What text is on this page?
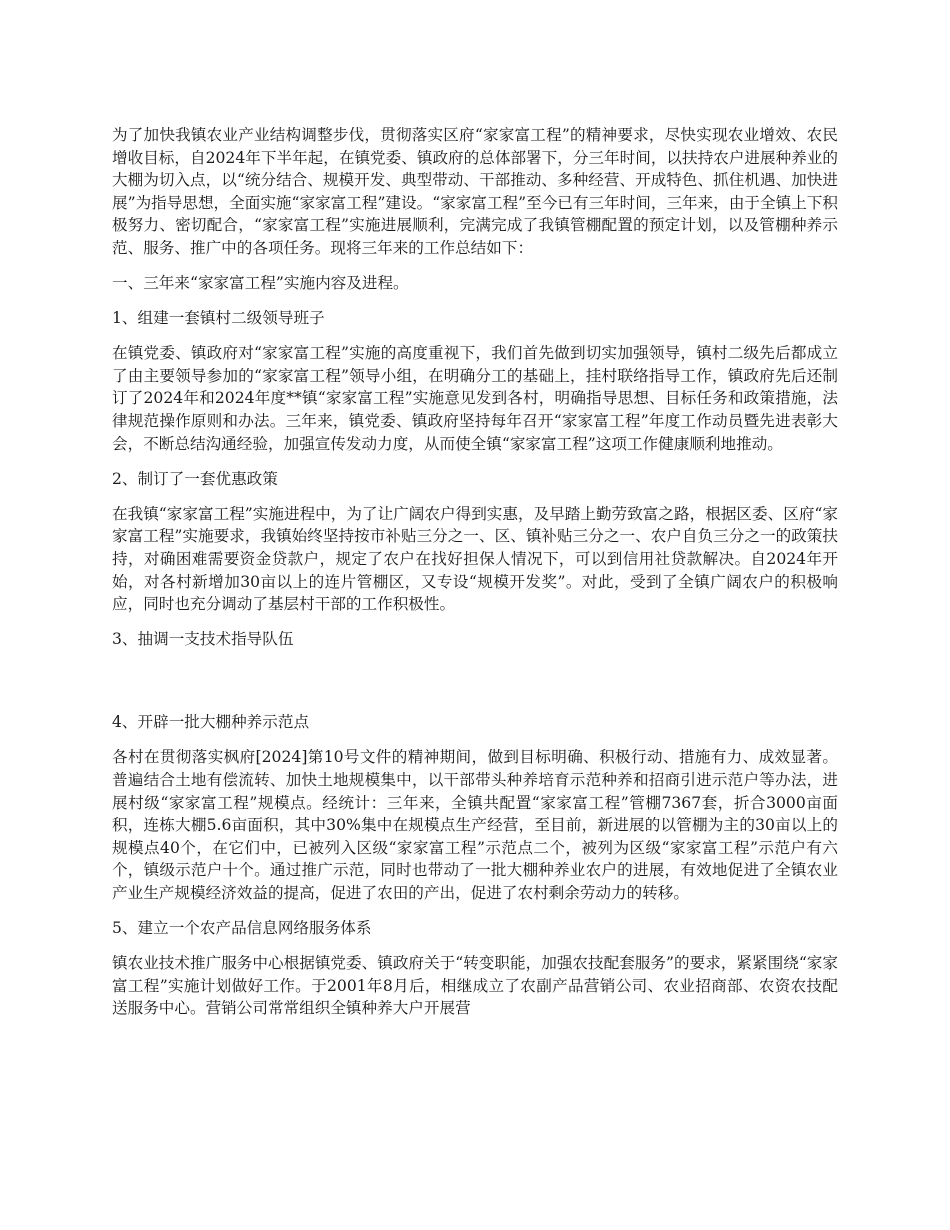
为了加快我镇农业产业结构调整步伐，贯彻落实区府“家家富工程”的精神要求，尽快实现农业增效、农民增收目标，自2024年下半年起，在镇党委、镇政府的总体部署下，分三年时间，以扶持农户进展种养业的大棚为切入点，以“统分结合、规模开发、典型带动、干部推动、多种经营、开成特色、抓住机遇、加快进展”为指导思想，全面实施“家家富工程”建设。“家家富工程”至今已有三年时间，三年来，由于全镇上下积极努力、密切配合，“家家富工程”实施进展顺利，完满完成了我镇管棚配置的预定计划，以及管棚种养示范、服务、推广中的各项任务。现将三年来的工作总结如下：

一、三年来“家家富工程”实施内容及进程。

1、组建一套镇村二级领导班子

在镇党委、镇政府对“家家富工程”实施的高度重视下，我们首先做到切实加强领导，镇村二级先后都成立了由主要领导参加的“家家富工程”领导小组，在明确分工的基础上，挂村联络指导工作，镇政府先后还制订了2024年和2024年度**镇“家家富工程”实施意见发到各村，明确指导思想、目标任务和政策措施，法律规范操作原则和办法。三年来，镇党委、镇政府坚持每年召开“家家富工程”年度工作动员暨先进表彰大会，不断总结沟通经验，加强宣传发动力度，从而使全镇“家家富工程”这项工作健康顺利地推动。

2、制订了一套优惠政策

在我镇“家家富工程”实施进程中，为了让广阔农户得到实惠，及早踏上勤劳致富之路，根据区委、区府“家家富工程”实施要求，我镇始终坚持按市补贴三分之一、区、镇补贴三分之一、农户自负三分之一的政策扶持，对确困难需要资金贷款户，规定了农户在找好担保人情况下，可以到信用社贷款解决。自2024年开始，对各村新增加30亩以上的连片管棚区，又专设“规模开发奖”。对此，受到了全镇广阔农户的积极响应，同时也充分调动了基层村干部的工作积极性。

3、抽调一支技术指导队伍

4、开辟一批大棚种养示范点

各村在贯彻落实枫府[2024]第10号文件的精神期间，做到目标明确、积极行动、措施有力、成效显著。普遍结合土地有偿流转、加快土地规模集中，以干部带头种养培育示范种养和招商引进示范户等办法，进展村级“家家富工程”规模点。经统计：三年来，全镇共配置“家家富工程”管棚7367套，折合3000亩面积，连栋大棚5.6亩面积，其中30%集中在规模点生产经营，至目前，新进展的以管棚为主的30亩以上的规模点40个，在它们中，已被列入区级“家家富工程”示范点二个，被列为区级“家家富工程”示范户有六个，镇级示范户十个。通过推广示范，同时也带动了一批大棚种养业农户的进展，有效地促进了全镇农业产业生产规模经济效益的提高，促进了农田的产出，促进了农村剩余劳动力的转移。

5、建立一个农产品信息网络服务体系

镇农业技术推广服务中心根据镇党委、镇政府关于“转变职能，加强农技配套服务”的要求，紧紧围绕“家家富工程”实施计划做好工作。于2001年8月后，相继成立了农副产品营销公司、农业招商部、农资农技配送服务中心。营销公司常常组织全镇种养大户开展营
